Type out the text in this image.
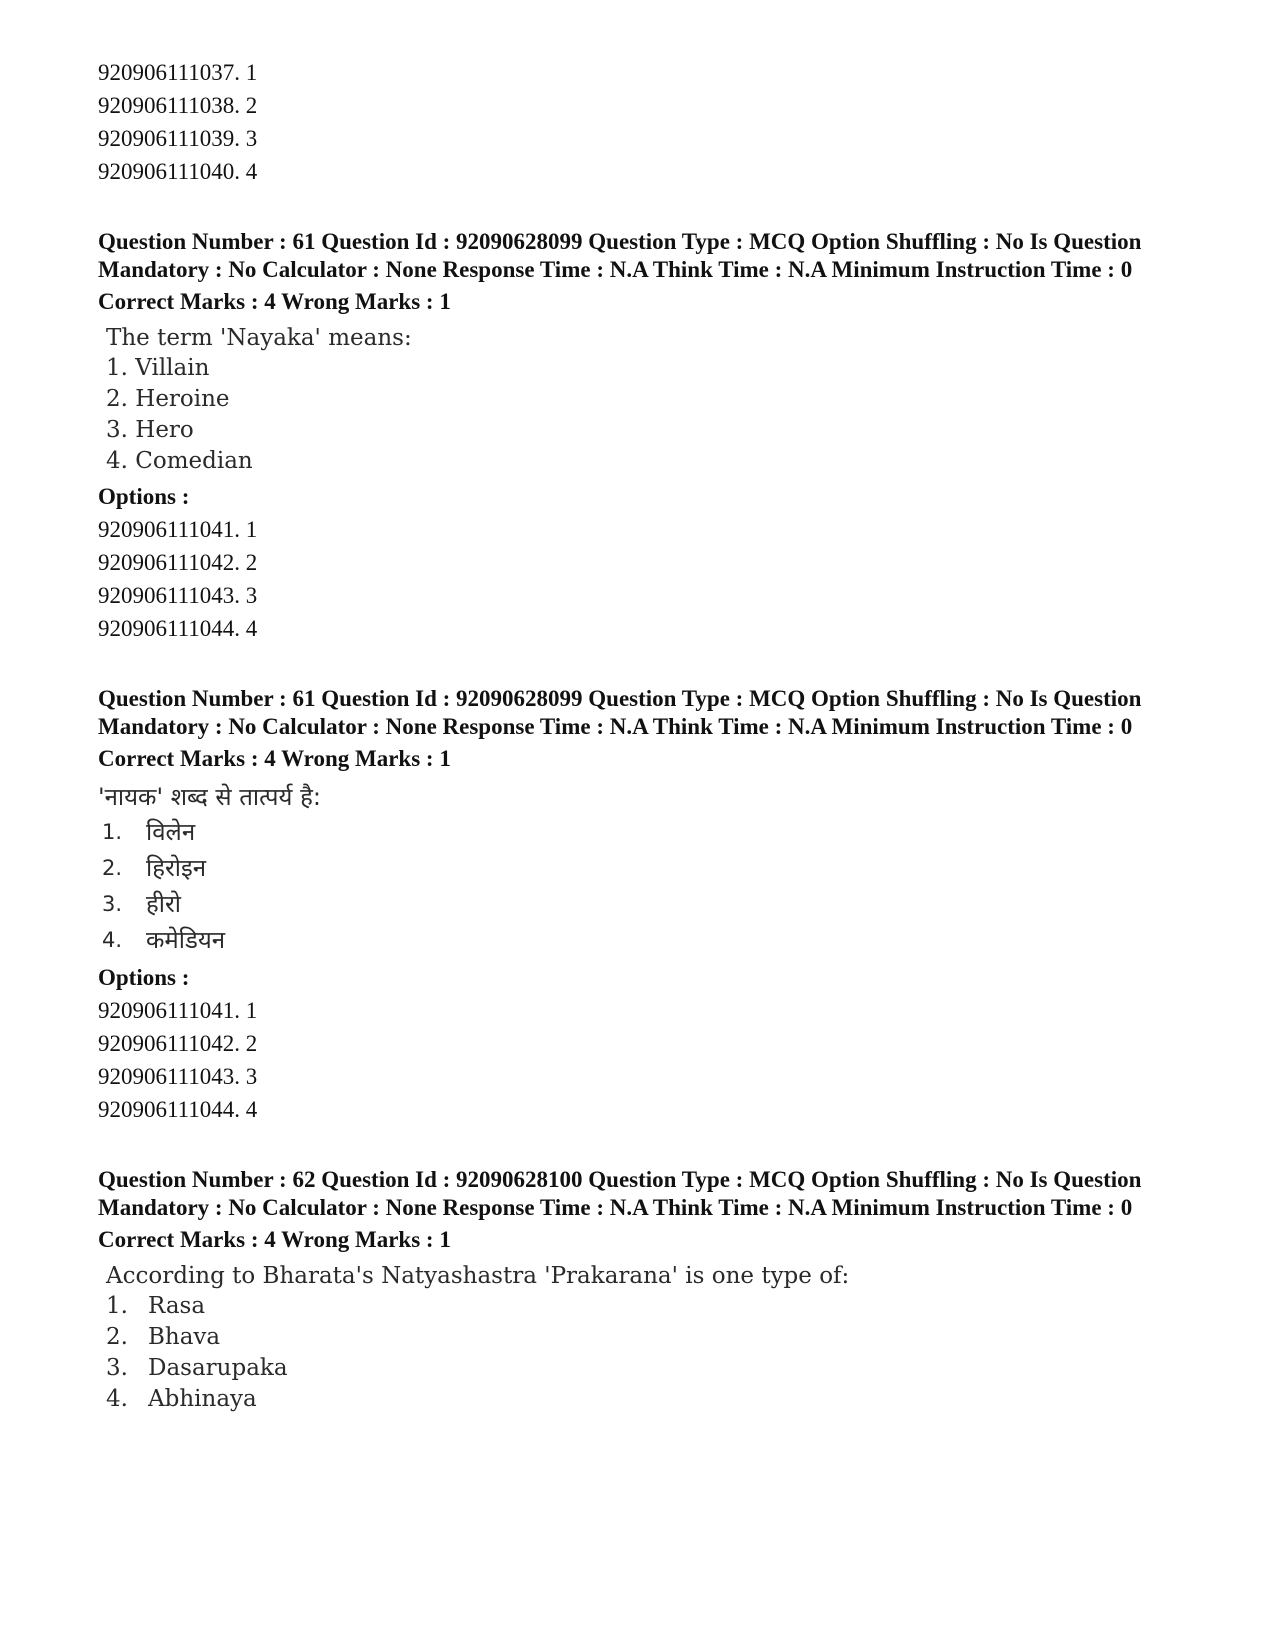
920906111037. 1
920906111038. 2
920906111039. 3
920906111040. 4
Question Number : 61 Question Id : 92090628099 Question Type : MCQ Option Shuffling : No Is Question Mandatory : No Calculator : None Response Time : N.A Think Time : N.A Minimum Instruction Time : 0
Correct Marks : 4 Wrong Marks : 1
The term 'Nayaka' means:
1. Villain
2. Heroine
3. Hero
4. Comedian
Options :
920906111041. 1
920906111042. 2
920906111043. 3
920906111044. 4
Question Number : 61 Question Id : 92090628099 Question Type : MCQ Option Shuffling : No Is Question Mandatory : No Calculator : None Response Time : N.A Think Time : N.A Minimum Instruction Time : 0
Correct Marks : 4 Wrong Marks : 1
'नायक' शब्द से तात्पर्य है:
1. विलेन
2. हिरोइन
3. हीरो
4. कमेडियन
Options :
920906111041. 1
920906111042. 2
920906111043. 3
920906111044. 4
Question Number : 62 Question Id : 92090628100 Question Type : MCQ Option Shuffling : No Is Question Mandatory : No Calculator : None Response Time : N.A Think Time : N.A Minimum Instruction Time : 0
Correct Marks : 4 Wrong Marks : 1
According to Bharata's Natyashastra 'Prakarana' is one type of:
1. Rasa
2. Bhava
3. Dasarupaka
4. Abhinaya
